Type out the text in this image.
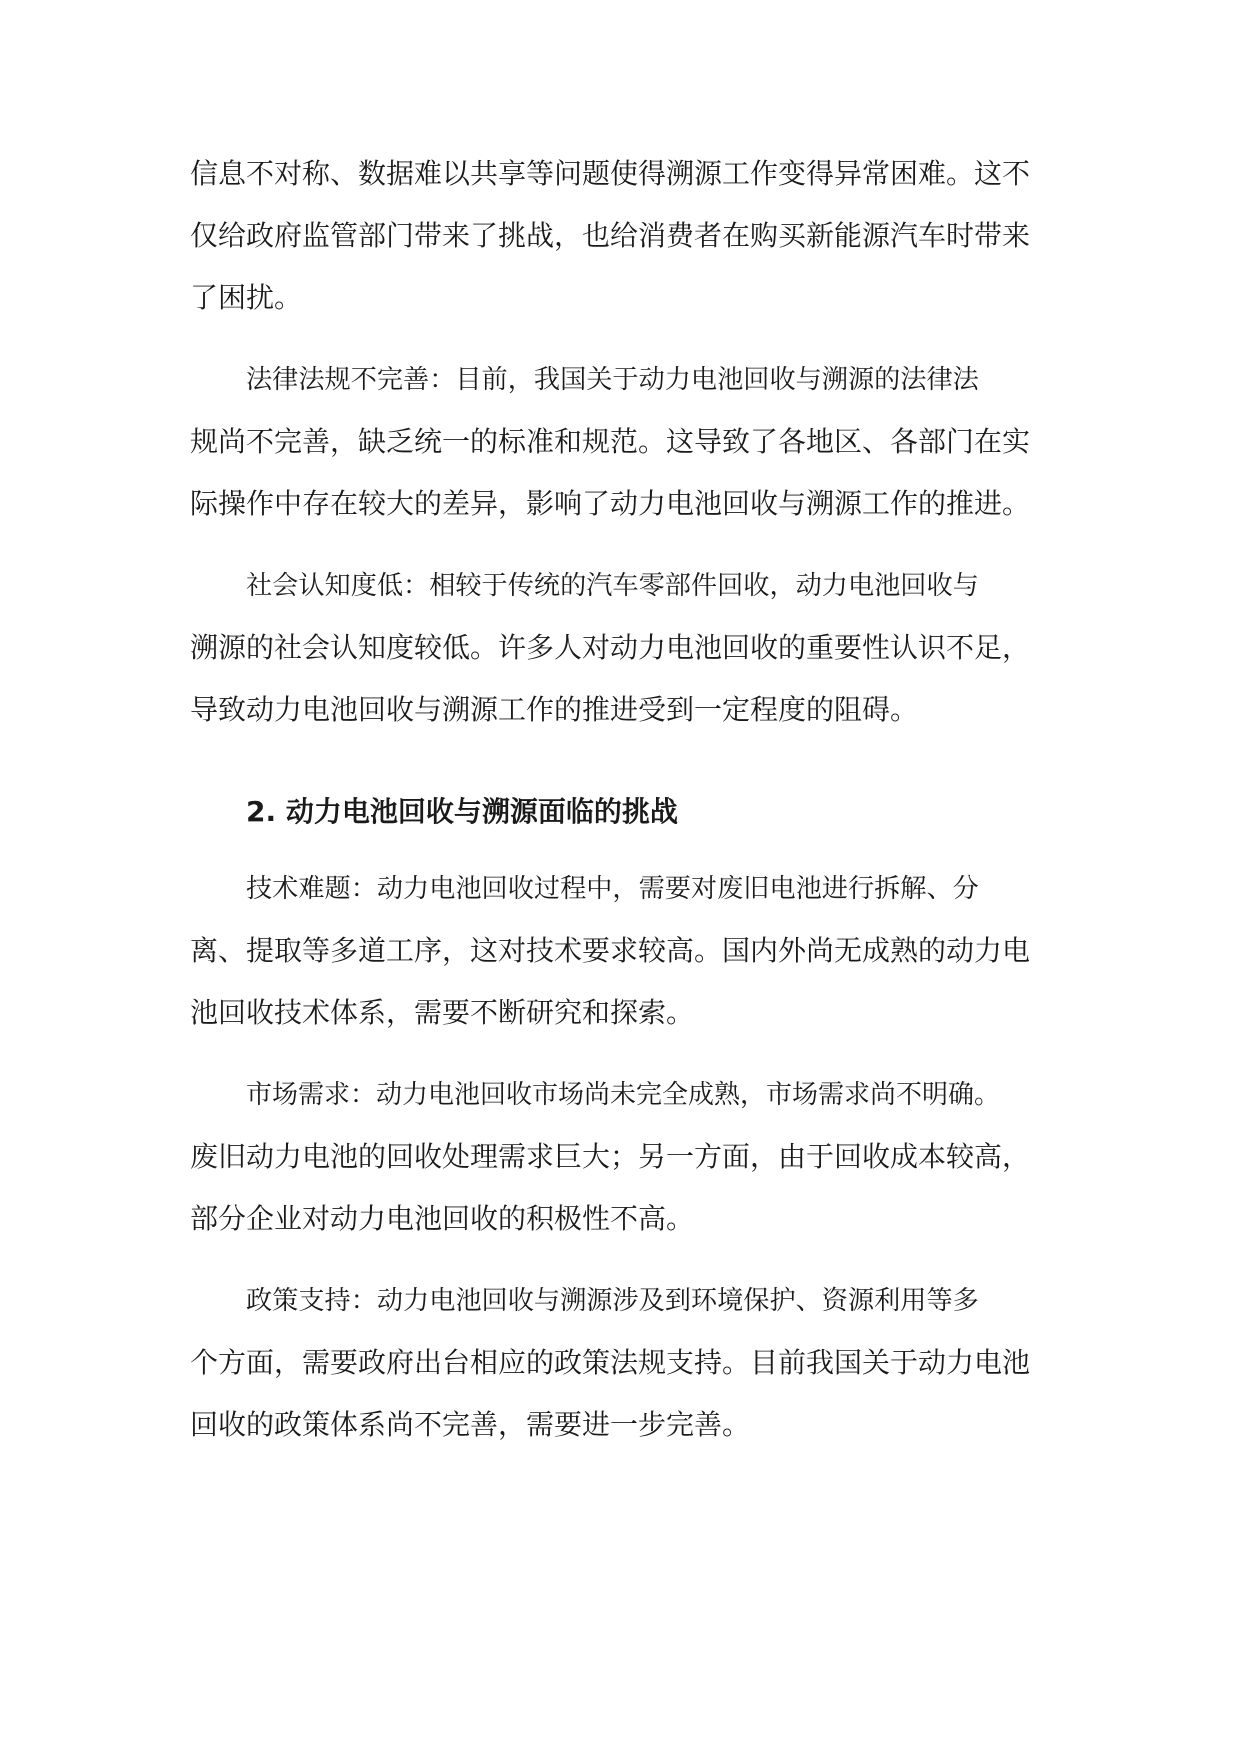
信息不对称、数据难以共享等问题使得溯源工作变得异常困难。这不
仅给政府监管部门带来了挑战，也给消费者在购买新能源汽车时带来
了困扰。

法律法规不完善：目前，我国关于动力电池回收与溯源的法律法
规尚不完善，缺乏统一的标准和规范。这导致了各地区、各部门在实
际操作中存在较大的差异，影响了动力电池回收与溯源工作的推进。

社会认知度低：相较于传统的汽车零部件回收，动力电池回收与
溯源的社会认知度较低。许多人对动力电池回收的重要性认识不足，
导致动力电池回收与溯源工作的推进受到一定程度的阻碍。

2. 动力电池回收与溯源面临的挑战

技术难题：动力电池回收过程中，需要对废旧电池进行拆解、分
离、提取等多道工序，这对技术要求较高。国内外尚无成熟的动力电
池回收技术体系，需要不断研究和探索。

市场需求：动力电池回收市场尚未完全成熟，市场需求尚不明确。
废旧动力电池的回收处理需求巨大；另一方面，由于回收成本较高，
部分企业对动力电池回收的积极性不高。

政策支持：动力电池回收与溯源涉及到环境保护、资源利用等多
个方面，需要政府出台相应的政策法规支持。目前我国关于动力电池
回收的政策体系尚不完善，需要进一步完善。
